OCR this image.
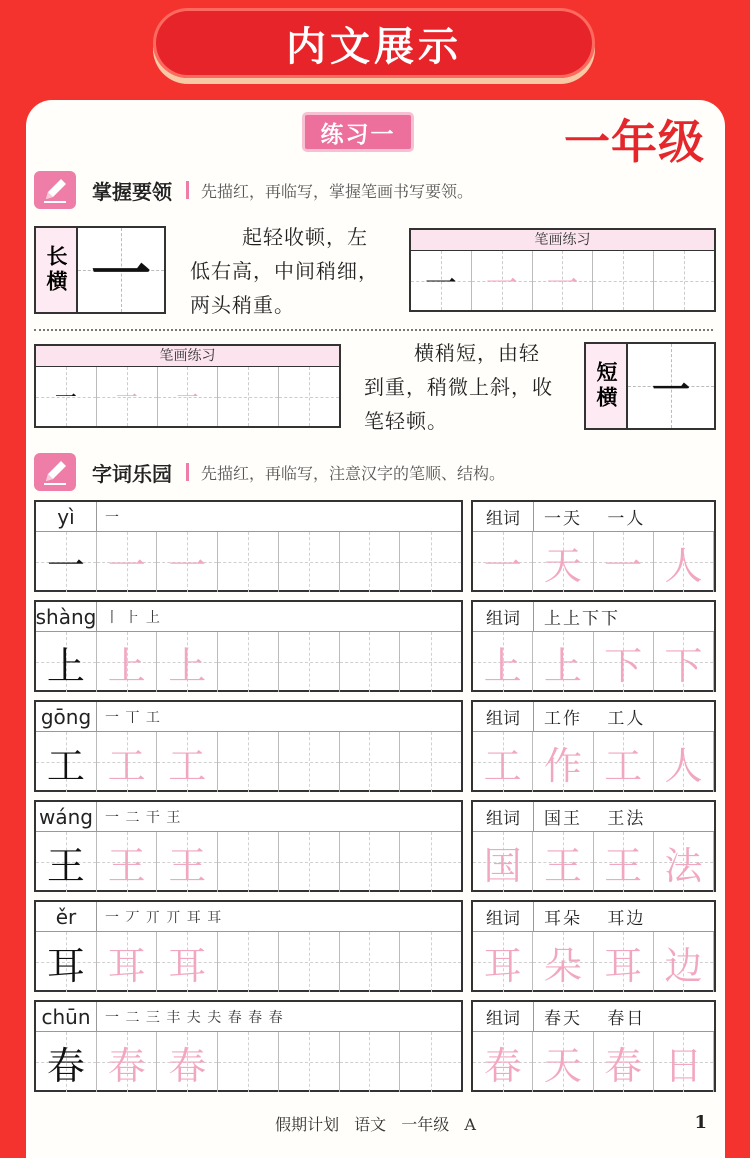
内文展示
练习一	一年级
掌握要领 先描红，再临写，掌握笔画书写要领。
长横 一
起轻收顿，左
低右高，中间稍细，
两头稍重。
笔画练习
一 一 一
笔画练习
一 一 一
横稍短，由轻
到重，稍微上斜，收
笔轻顿。
短横 一
字词乐园 先描红，再临写，注意汉字的笔顺、结构。
yì	一
一 一 一
组词	一天 一人
一 天 一 人
shàng 丨 ⺊ 上
上 上 上
组词	上上下下
上 上 下 下
gōng 一 丅 工
工 工 工
组词	工作 工人
工 作 工 人
wáng 一 二 干 王
王 王 王
组词	国王 王法
国 王 王 法
ěr	一 丆 丌 丌 耳 耳
耳 耳 耳
组词	耳朵 耳边
耳 朵 耳 边
chūn	一 二 三 丰 夫 夫 春 春 春
春 春 春
组词	春天 春日
春 天 春 日
假期计划 语文 一年级 A	1
